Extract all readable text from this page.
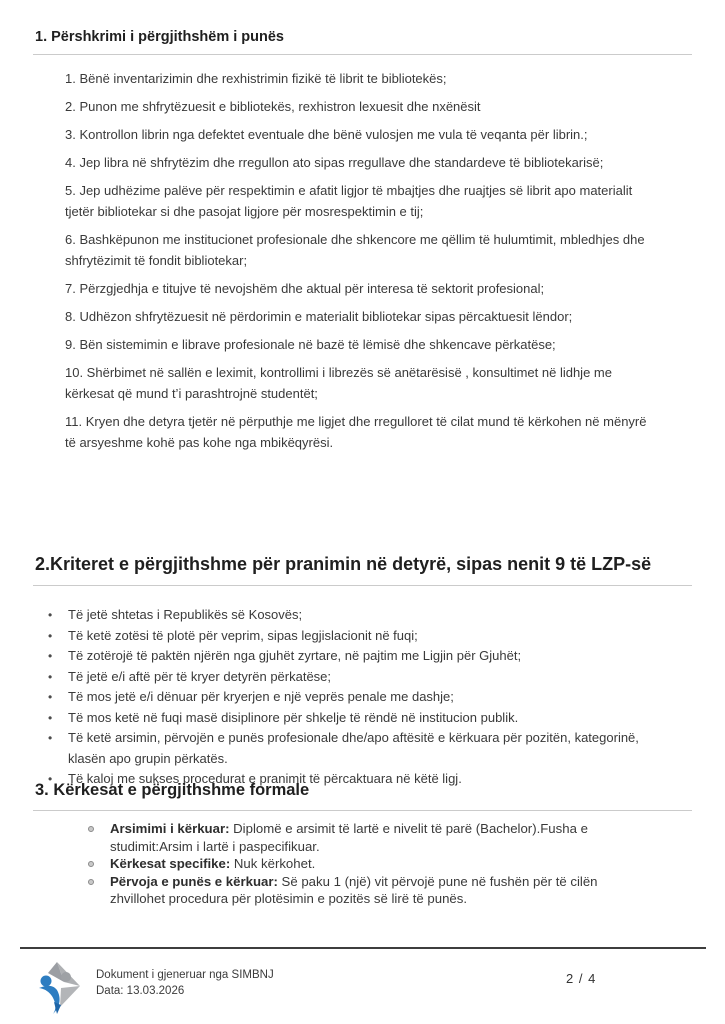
1. Përshkrimi i përgjithshëm i punës

1. Bënë inventarizimin dhe rexhistrimin fizikë të librit te bibliotekës;

2. Punon me shfrytëzuesit e bibliotekës, rexhistron lexuesit dhe nxënësit

3. Kontrollon librin nga defektet eventuale dhe bënë vulosjen me vula të veqanta për librin.;

4. Jep libra në shfrytëzim dhe rregullon ato sipas rregullave dhe standardeve të bibliotekarisë;

5. Jep udhëzime palëve për respektimin e afatit ligjor të mbajtjes dhe ruajtjes së librit apo materialit tjetër bibliotekar si dhe pasojat ligjore për mosrespektimin e tij;

6. Bashkëpunon me institucionet profesionale dhe shkencore me qëllim të hulumtimit, mbledhjes dhe shfrytëzimit të fondit bibliotekar;

7. Përzgjedhja e titujve të nevojshëm dhe aktual për interesa të sektorit profesional;

8. Udhëzon shfrytëzuesit në përdorimin e materialit bibliotekar sipas përcaktuesit lëndor;

9. Bën sistemimin e librave profesionale në bazë të lëmisë dhe shkencave përkatëse;

10. Shërbimet në sallën e leximit, kontrollimi i librezës së anëtarësisë , konsultimet në lidhje me kërkesat që mund t’i parashtrojnë studentët;

11. Kryen dhe detyra tjetër në përputhje me ligjet dhe rregulloret të cilat mund të kërkohen në mënyrë të arsyeshme kohë pas kohe nga mbikëqyrësi.

2.Kriteret e përgjithshme për pranimin në detyrë, sipas nenit 9 të LZP-së
• Të jetë shtetas i Republikës së Kosovës;
• Të ketë zotësi të plotë për veprim, sipas legjislacionit në fuqi;
• Të zotërojë të paktën njërën nga gjuhët zyrtare, në pajtim me Ligjin për Gjuhët;
• Të jetë e/i aftë për të kryer detyrën përkatëse;
• Të mos jetë e/i dënuar për kryerjen e një veprës penale me dashje;
• Të mos ketë në fuqi masë disiplinore për shkelje të rëndë në institucion publik.
• Të ketë arsimin, përvojën e punës profesionale dhe/apo aftësitë e kërkuara për pozitën, kategorinë, klasën apo grupin përkatës.
• Të kaloj me sukses procedurat e pranimit të përcaktuara në këtë ligj.
3. Kërkesat e përgjithshme formale
Arsimimi i kërkuar: Diplomë e arsimit të lartë e nivelit të parë (Bachelor).Fusha e studimit:Arsim i lartë i paspecifikuar.
Kërkesat specifike: Nuk kërkohet.
Përvoja e punës e kërkuar: Së paku 1 (një) vit përvojë pune në fushën për të cilën zhvillohet procedura për plotësimin e pozitës së lirë të punës.
Dokument i gjeneruar nga SIMBNJ
Data: 13.03.2026
2 / 4
